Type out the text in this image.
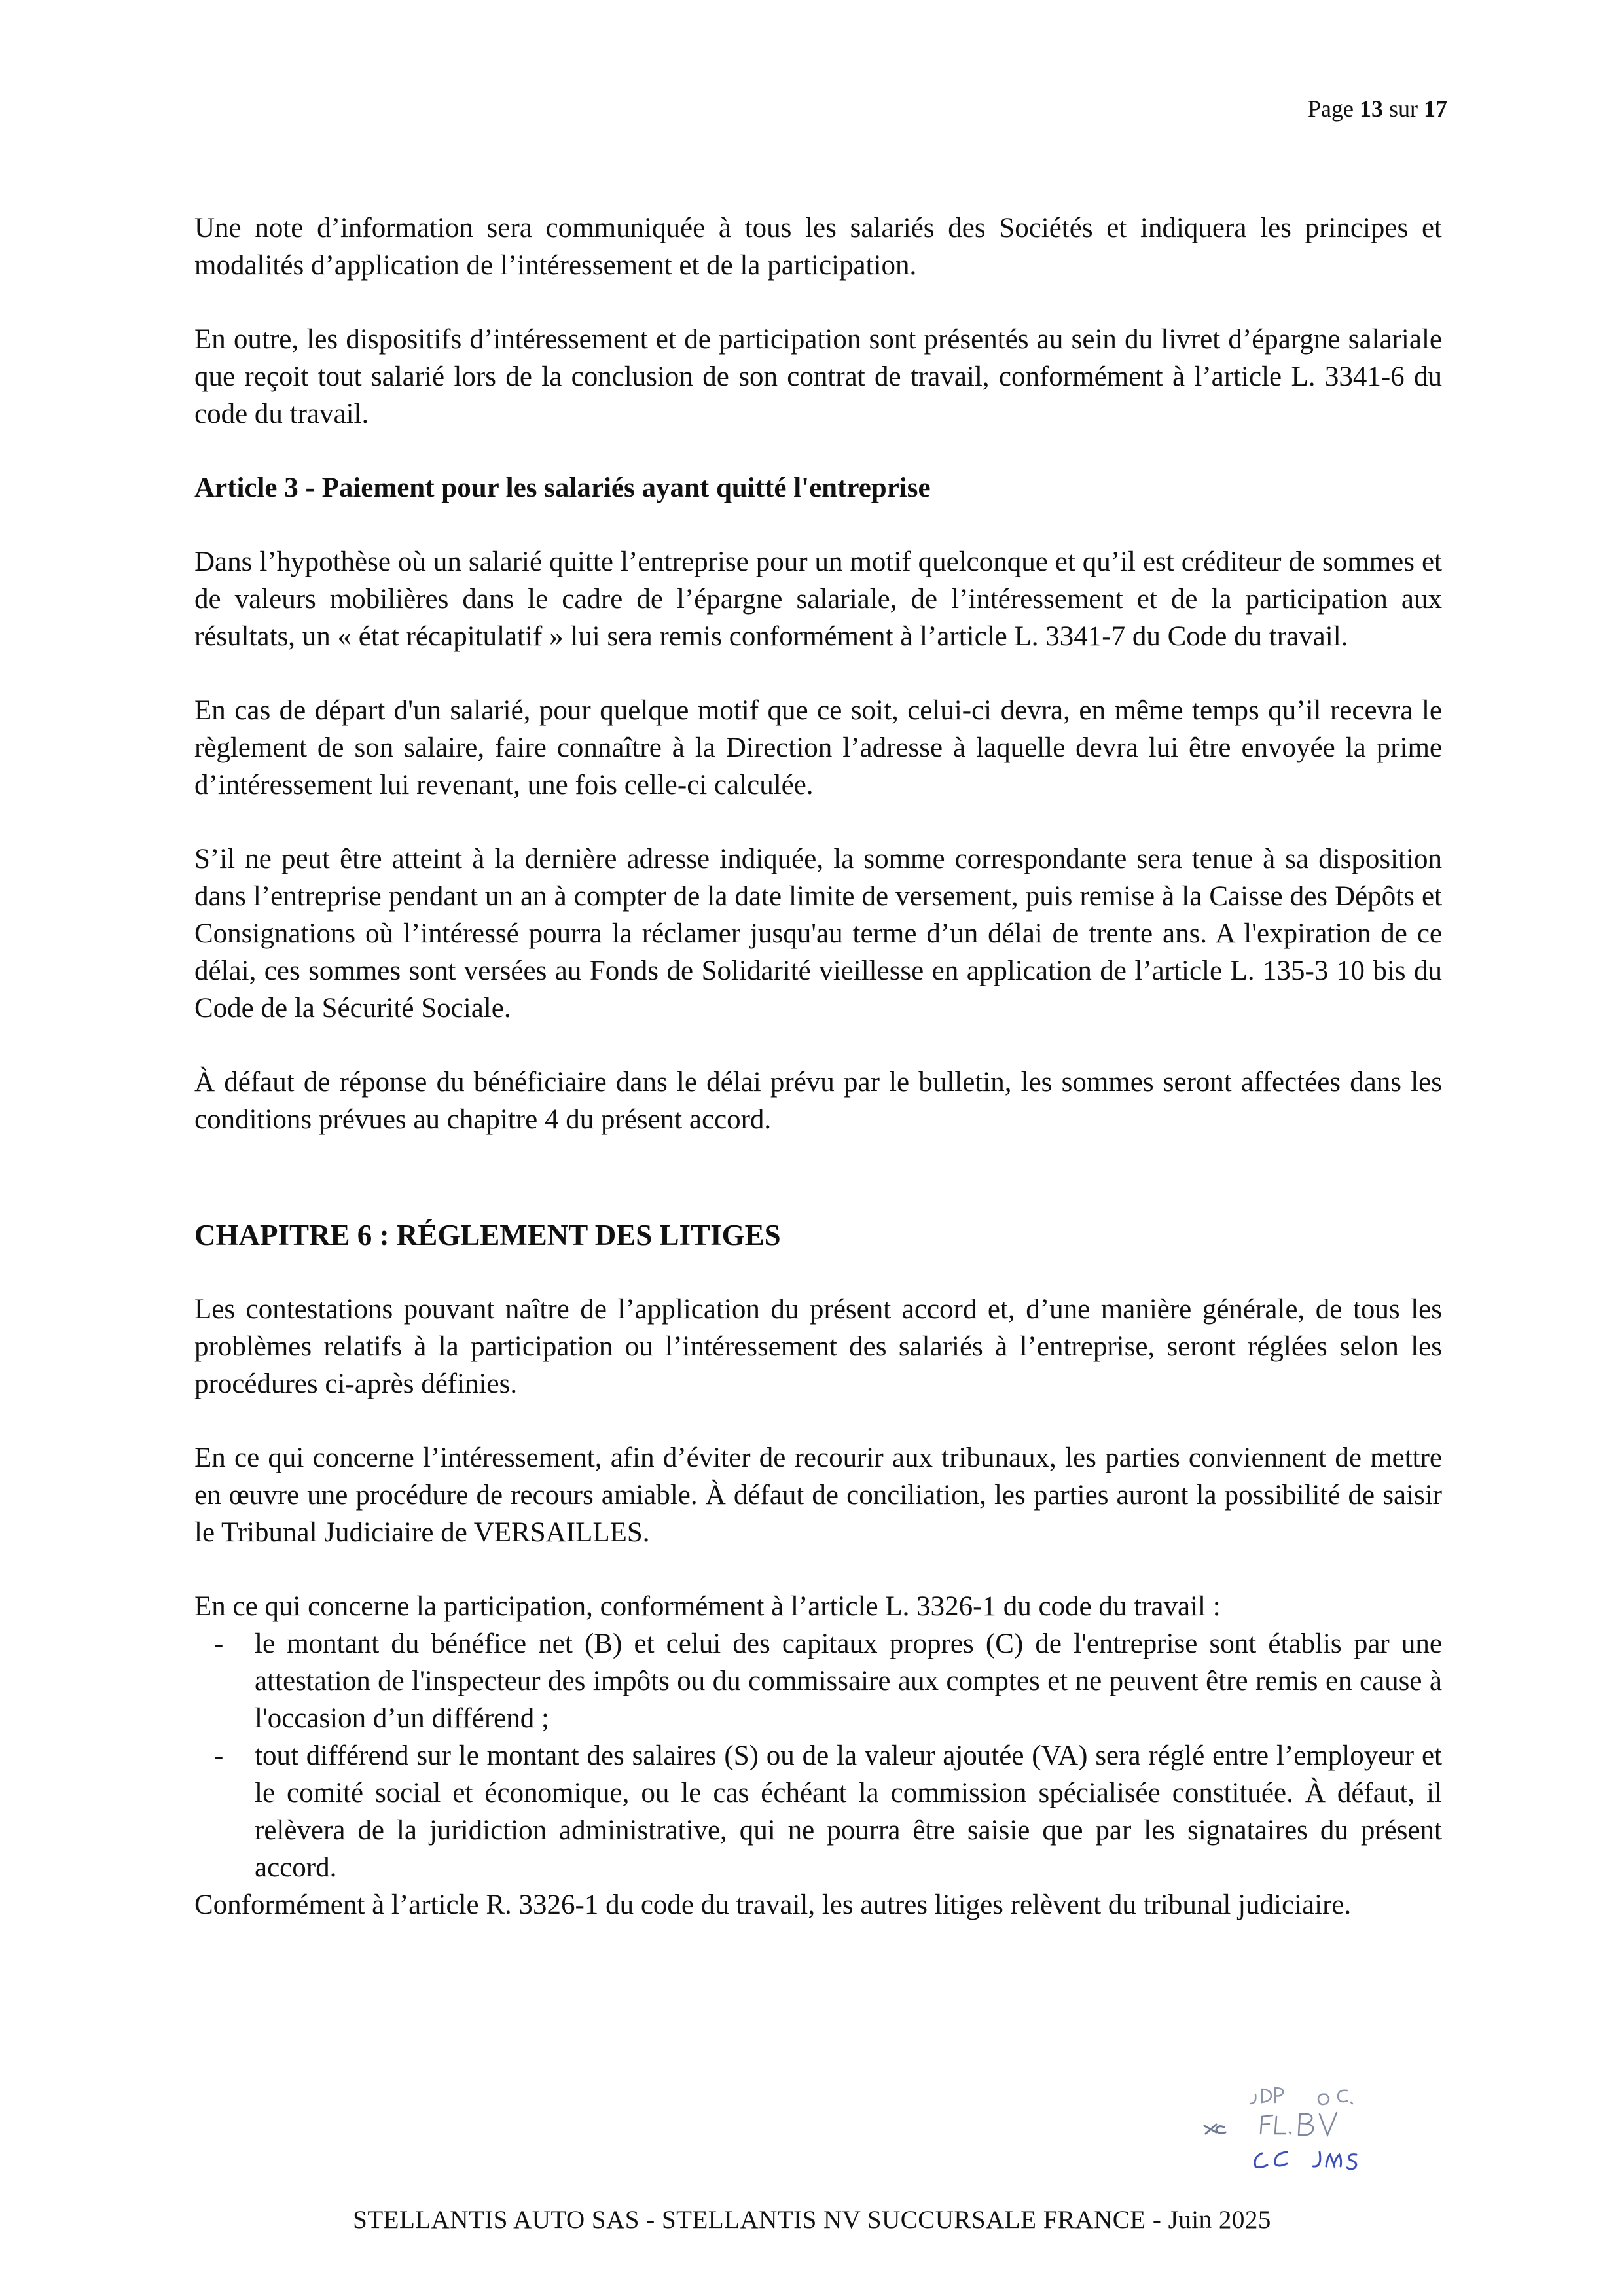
Page 13 sur 17

Une note d’information sera communiquée à tous les salariés des Sociétés et indiquera les principes et modalités d’application de l’intéressement et de la participation.

En outre, les dispositifs d’intéressement et de participation sont présentés au sein du livret d’épargne salariale que reçoit tout salarié lors de la conclusion de son contrat de travail, conformément à l’article L. 3341-6 du code du travail.

Article 3 - Paiement pour les salariés ayant quitté l'entreprise

Dans l’hypothèse où un salarié quitte l’entreprise pour un motif quelconque et qu’il est créditeur de sommes et de valeurs mobilières dans le cadre de l’épargne salariale, de l’intéressement et de la participation aux résultats, un « état récapitulatif » lui sera remis conformément à l’article L. 3341-7 du Code du travail.

En cas de départ d'un salarié, pour quelque motif que ce soit, celui-ci devra, en même temps qu’il recevra le règlement de son salaire, faire connaître à la Direction l’adresse à laquelle devra lui être envoyée la prime d’intéressement lui revenant, une fois celle-ci calculée.

S’il ne peut être atteint à la dernière adresse indiquée, la somme correspondante sera tenue à sa disposition dans l’entreprise pendant un an à compter de la date limite de versement, puis remise à la Caisse des Dépôts et Consignations où l’intéressé pourra la réclamer jusqu'au terme d’un délai de trente ans. A l'expiration de ce délai, ces sommes sont versées au Fonds de Solidarité vieillesse en application de l’article L. 135-3 10 bis du Code de la Sécurité Sociale.

À défaut de réponse du bénéficiaire dans le délai prévu par le bulletin, les sommes seront affectées dans les conditions prévues au chapitre 4 du présent accord.

CHAPITRE 6 : RÉGLEMENT DES LITIGES

Les contestations pouvant naître de l’application du présent accord et, d’une manière générale, de tous les problèmes relatifs à la participation ou l’intéressement des salariés à l’entreprise, seront réglées selon les procédures ci-après définies.

En ce qui concerne l’intéressement, afin d’éviter de recourir aux tribunaux, les parties conviennent de mettre en œuvre une procédure de recours amiable. À défaut de conciliation, les parties auront la possibilité de saisir le Tribunal Judiciaire de VERSAILLES.

En ce qui concerne la participation, conformément à l’article L. 3326-1 du code du travail :

- le montant du bénéfice net (B) et celui des capitaux propres (C) de l'entreprise sont établis par une attestation de l'inspecteur des impôts ou du commissaire aux comptes et ne peuvent être remis en cause à l'occasion d’un différend ;
- tout différend sur le montant des salaires (S) ou de la valeur ajoutée (VA) sera réglé entre l’employeur et le comité social et économique, ou le cas échéant la commission spécialisée constituée. À défaut, il relèvera de la juridiction administrative, qui ne pourra être saisie que par les signataires du présent accord.

Conformément à l’article R. 3326-1 du code du travail, les autres litiges relèvent du tribunal judiciaire.

STELLANTIS AUTO SAS - STELLANTIS NV SUCCURSALE FRANCE - Juin 2025
